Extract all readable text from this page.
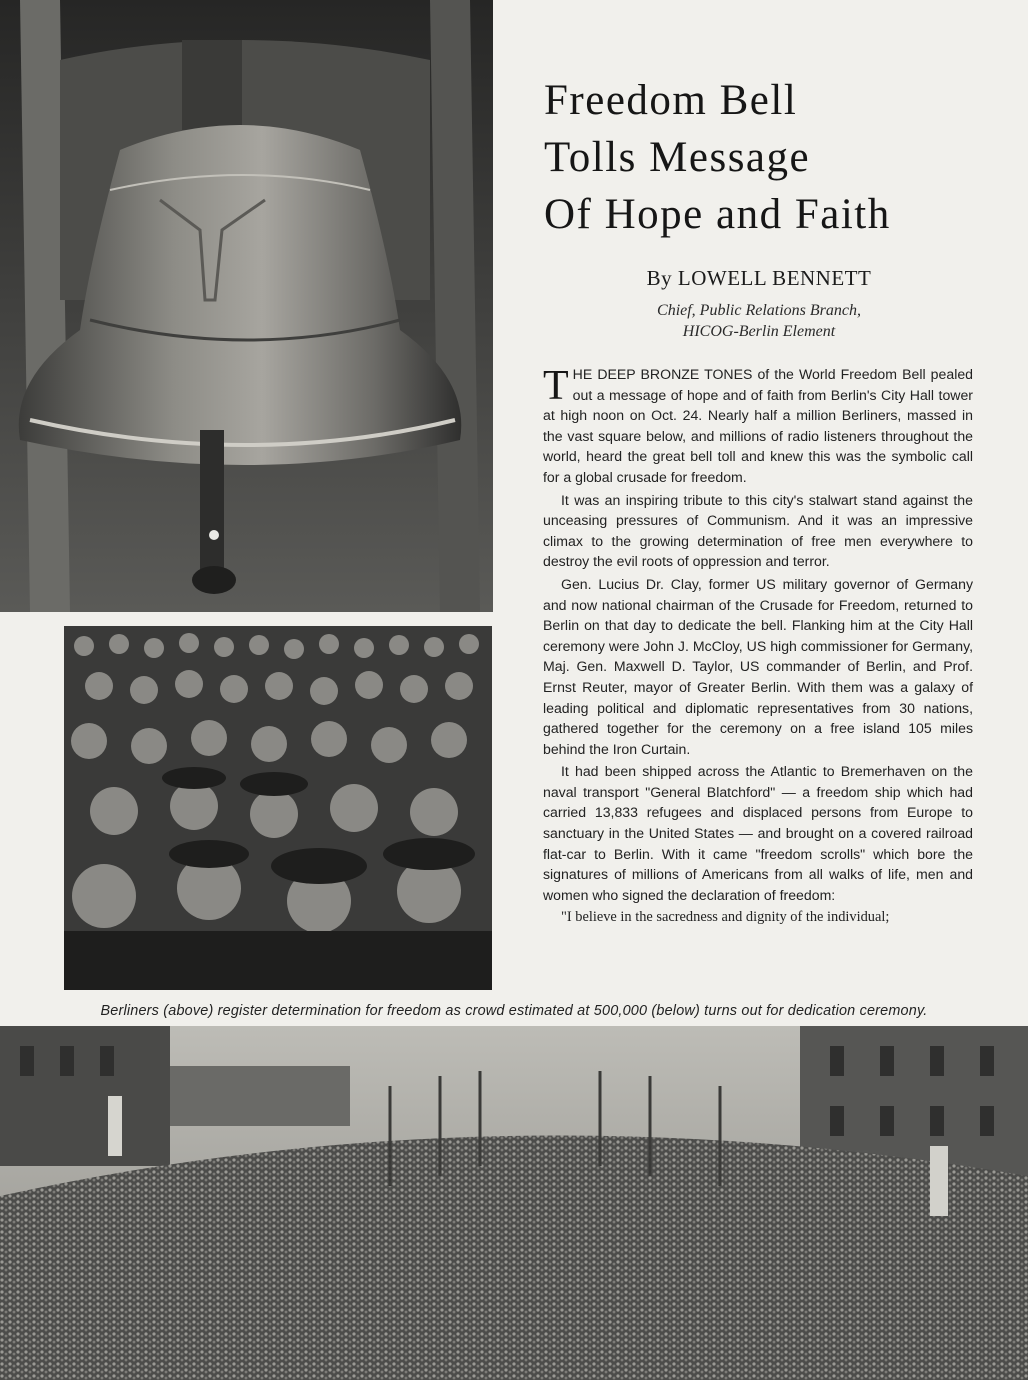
Freedom Bell
Tolls Message
Of Hope and Faith

By LOWELL BENNETT

Chief, Public Relations Branch,
HICOG-Berlin Element

THE DEEP BRONZE TONES of the World Freedom Bell pealed out a message of hope and of faith from Berlin's City Hall tower at high noon on Oct. 24. Nearly half a million Berliners, massed in the vast square below, and millions of radio listeners throughout the world, heard the great bell toll and knew this was the symbolic call for a global crusade for freedom.

It was an inspiring tribute to this city's stalwart stand against the unceasing pressures of Communism. And it was an impressive climax to the growing determination of free men everywhere to destroy the evil roots of oppression and terror.

Gen. Lucius Dr. Clay, former US military governor of Germany and now national chairman of the Crusade for Freedom, returned to Berlin on that day to dedicate the bell. Flanking him at the City Hall ceremony were John J. McCloy, US high commissioner for Germany, Maj. Gen. Maxwell D. Taylor, US commander of Berlin, and Prof. Ernst Reuter, mayor of Greater Berlin. With them was a galaxy of leading political and diplomatic representatives from 30 nations, gathered together for the ceremony on a free island 105 miles behind the Iron Curtain.

It had been shipped across the Atlantic to Bremerhaven on the naval transport "General Blatchford" — a freedom ship which had carried 13,833 refugees and displaced persons from Europe to sanctuary in the United States — and brought on a covered railroad flat-car to Berlin. With it came "freedom scrolls" which bore the signatures of millions of Americans from all walks of life, men and women who signed the declaration of freedom:

"I believe in the sacredness and dignity of the individual;

Berliners (above) register determination for freedom as crowd estimated at 500,000 (below) turns out for dedication ceremony.
